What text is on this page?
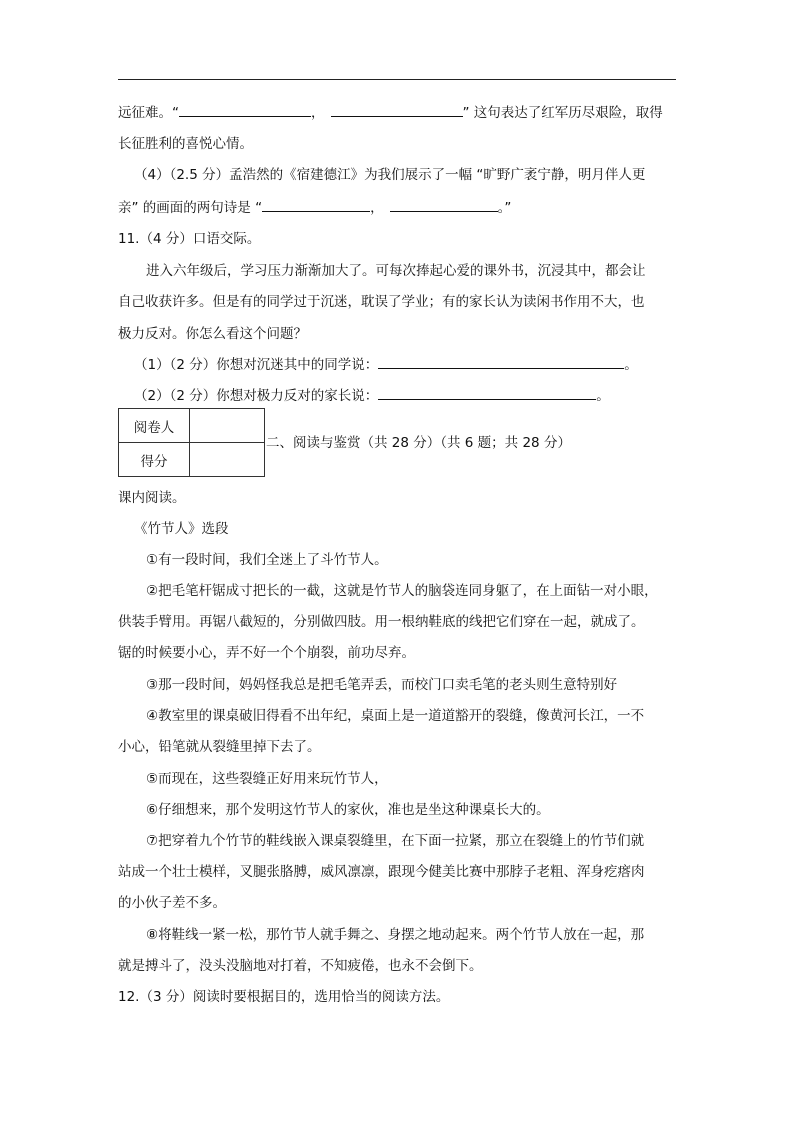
远征难。“	，	” 这句表达了红军历尽艰险，取得
长征胜利的喜悦心情。
（4）（2.5 分）孟浩然的《宿建德江》为我们展示了一幅 “旷野广袤宁静，明月伴人更
亲” 的画面的两句诗是 “	，	。”
11.（4 分）口语交际。
进入六年级后，学习压力渐渐加大了。可每次捧起心爱的课外书，沉浸其中，都会让
自己收获许多。但是有的同学过于沉迷，耽误了学业；有的家长认为读闲书作用不大，也
极力反对。你怎么看这个问题？
（1）（2 分）你想对沉迷其中的同学说：	。
（2）（2 分）你想对极力反对的家长说：	。
阅卷人	
得分	
二、阅读与鉴赏（共 28 分）（共 6 题；共 28 分）
课内阅读。
《竹节人》选段
①有一段时间，我们全迷上了斗竹节人。
②把毛笔杆锯成寸把长的一截，这就是竹节人的脑袋连同身躯了，在上面钻一对小眼，
供装手臂用。再锯八截短的，分别做四肢。用一根纳鞋底的线把它们穿在一起，就成了。
锯的时候要小心，弄不好一个个崩裂，前功尽弃。
③那一段时间，妈妈怪我总是把毛笔弄丢，而校门口卖毛笔的老头则生意特别好
④教室里的课桌破旧得看不出年纪，桌面上是一道道豁开的裂缝，像黄河长江，一不
小心，铅笔就从裂缝里掉下去了。
⑤而现在，这些裂缝正好用来玩竹节人，
⑥仔细想来，那个发明这竹节人的家伙，准也是坐这种课桌长大的。
⑦把穿着九个竹节的鞋线嵌入课桌裂缝里，在下面一拉紧，那立在裂缝上的竹节们就
站成一个壮士模样，叉腿张胳膊，威风凛凛，跟现今健美比赛中那脖子老粗、浑身疙瘩肉
的小伙子差不多。
⑧将鞋线一紧一松，那竹节人就手舞之、身摆之地动起来。两个竹节人放在一起，那
就是搏斗了，没头没脑地对打着，不知疲倦，也永不会倒下。
12.（3 分）阅读时要根据目的，选用恰当的阅读方法。
